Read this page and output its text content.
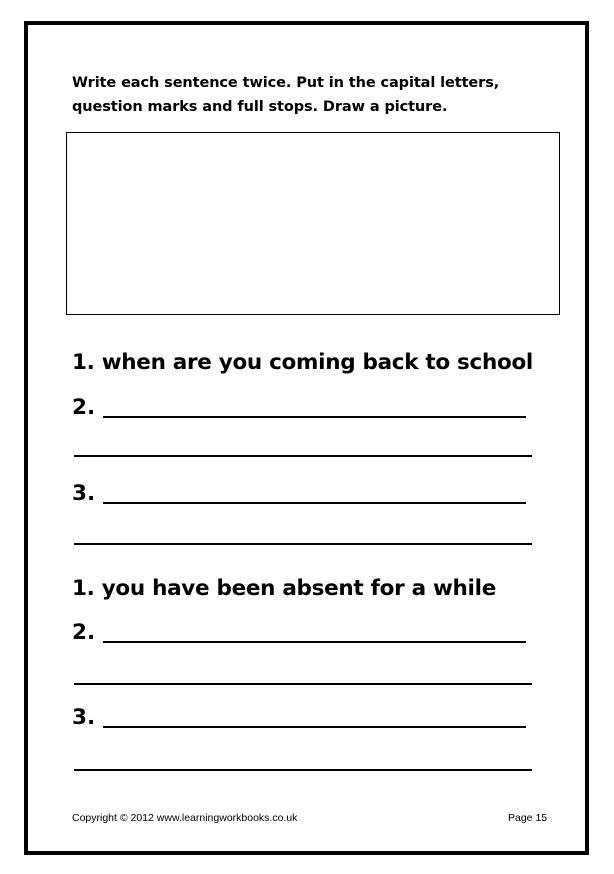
Write each sentence twice. Put in the capital letters,
question marks and full stops. Draw a picture.
1. when are you coming back to school
2.
3.
1. you have been absent for a while
2.
3.
Copyright © 2012 www.learningworkbooks.co.uk	Page 15
